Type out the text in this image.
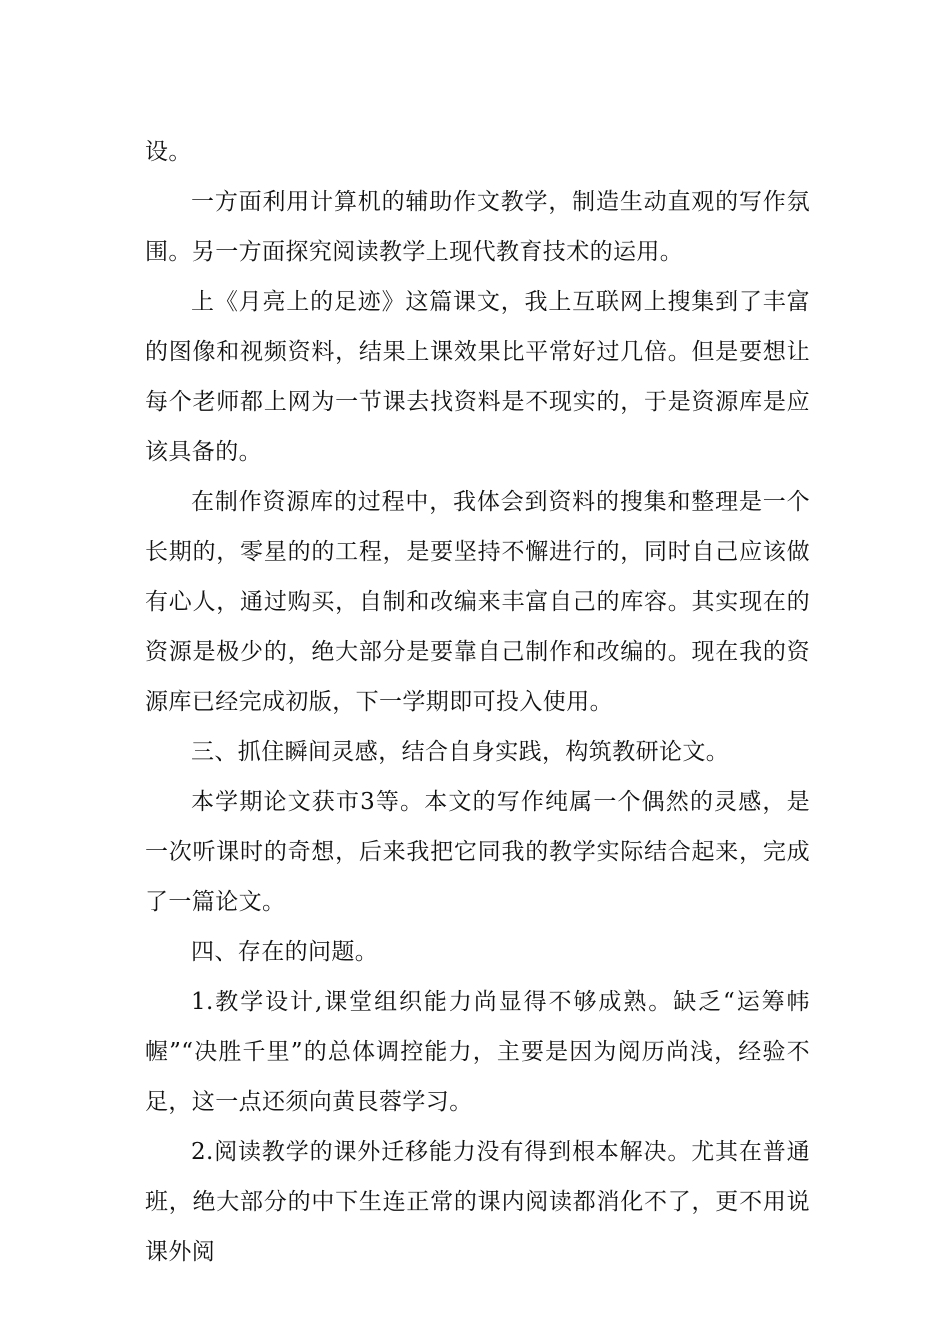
设。

一方面利用计算机的辅助作文教学，制造生动直观的写作氛围。另一方面探究阅读教学上现代教育技术的运用。

上《月亮上的足迹》这篇课文，我上互联网上搜集到了丰富的图像和视频资料，结果上课效果比平常好过几倍。但是要想让每个老师都上网为一节课去找资料是不现实的，于是资源库是应该具备的。

在制作资源库的过程中，我体会到资料的搜集和整理是一个长期的，零星的的工程，是要坚持不懈进行的，同时自己应该做有心人，通过购买，自制和改编来丰富自己的库容。其实现在的资源是极少的，绝大部分是要靠自己制作和改编的。现在我的资源库已经完成初版，下一学期即可投入使用。

三、抓住瞬间灵感，结合自身实践，构筑教研论文。

本学期论文获市3等。本文的写作纯属一个偶然的灵感，是一次听课时的奇想，后来我把它同我的教学实际结合起来，完成了一篇论文。

四、存在的问题。

1.教学设计,课堂组织能力尚显得不够成熟。缺乏“运筹帏幄”“决胜千里”的总体调控能力，主要是因为阅历尚浅，经验不足，这一点还须向黄艮蓉学习。

2.阅读教学的课外迁移能力没有得到根本解决。尤其在普通班，绝大部分的中下生连正常的课内阅读都消化不了，更不用说课外阅
